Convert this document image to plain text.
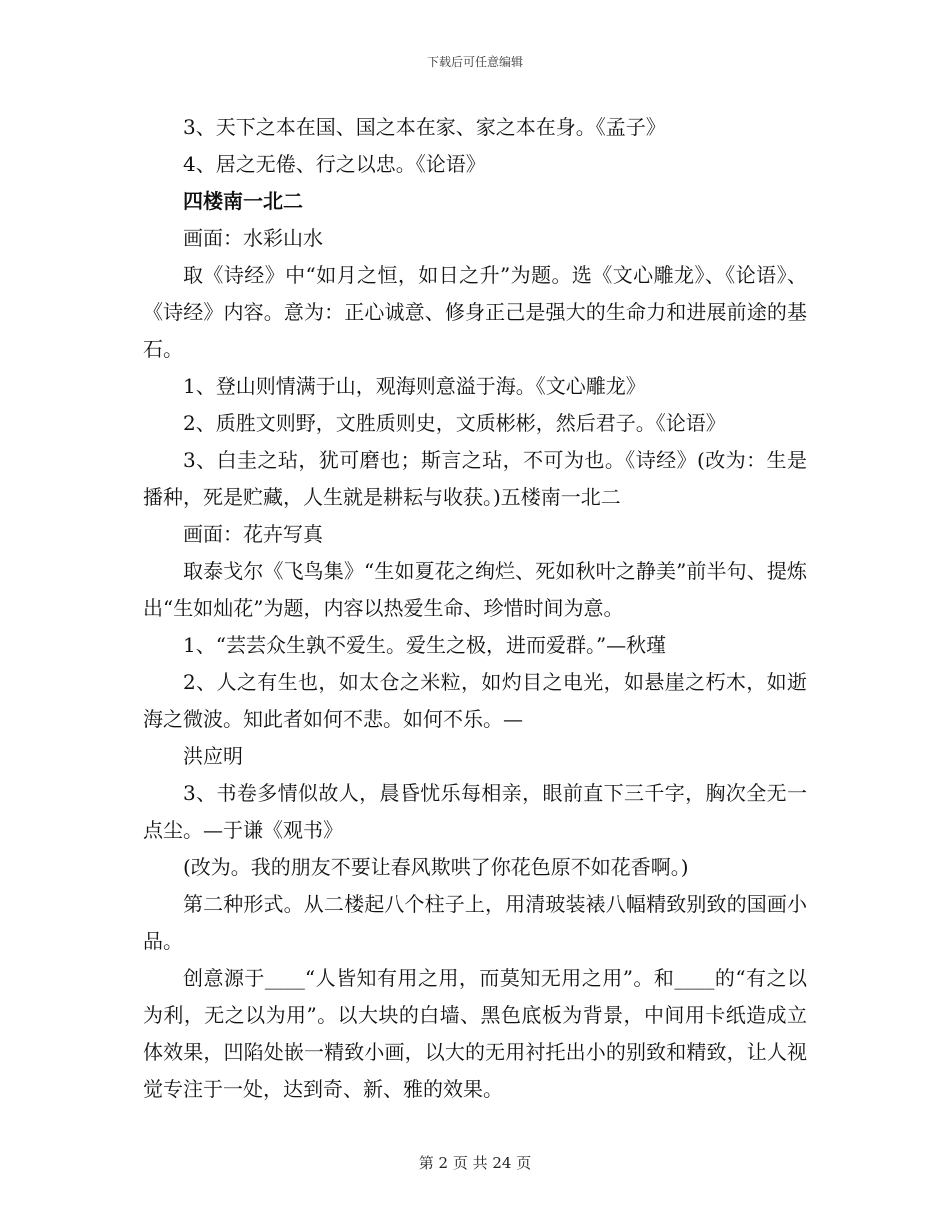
下载后可任意编辑

3、天下之本在国、国之本在家、家之本在身。《孟子》

4、居之无倦、行之以忠。《论语》

四楼南一北二

画面：水彩山水

取《诗经》中“如月之恒，如日之升”为题。选《文心雕龙》、《论语》、《诗经》内容。意为：正心诚意、修身正己是强大的生命力和进展前途的基石。

1、登山则情满于山，观海则意溢于海。《文心雕龙》

2、质胜文则野，文胜质则史，文质彬彬，然后君子。《论语》

3、白圭之玷，犹可磨也；斯言之玷，不可为也。《诗经》(改为：生是播种，死是贮藏，人生就是耕耘与收获。)五楼南一北二

画面：花卉写真

取泰戈尔《飞鸟集》“生如夏花之绚烂、死如秋叶之静美”前半句、提炼出“生如灿花”为题，内容以热爱生命、珍惜时间为意。

1、“芸芸众生孰不爱生。爱生之极，进而爱群。”—秋瑾

2、人之有生也，如太仓之米粒，如灼目之电光，如悬崖之朽木，如逝海之微波。知此者如何不悲。如何不乐。—

洪应明

3、书卷多情似故人，晨昏忧乐每相亲，眼前直下三千字，胸次全无一点尘。—于谦《观书》

(改为。我的朋友不要让春风欺哄了你花色原不如花香啊。)

第二种形式。从二楼起八个柱子上，用清玻装裱八幅精致别致的国画小品。

创意源于____“人皆知有用之用，而莫知无用之用”。和____的“有之以为利，无之以为用”。以大块的白墙、黑色底板为背景，中间用卡纸造成立体效果，凹陷处嵌一精致小画，以大的无用衬托出小的别致和精致，让人视觉专注于一处，达到奇、新、雅的效果。

第 2 页 共 24 页
